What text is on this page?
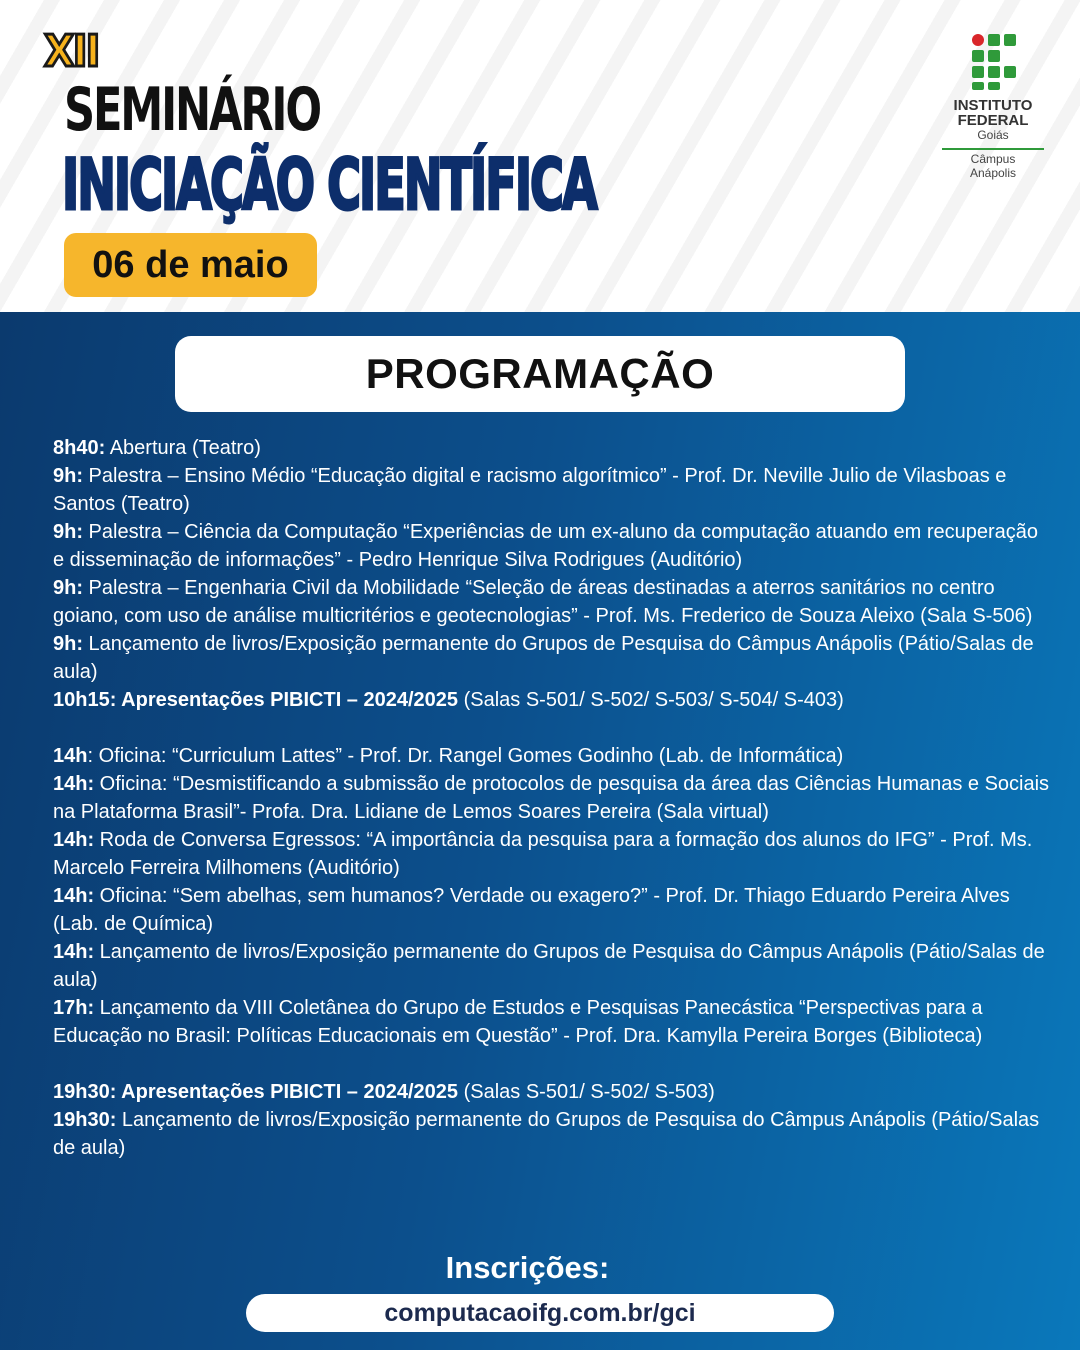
XII
SEMINÁRIO
INICIAÇÃO CIENTÍFICA
06 de maio
INSTITUTO
FEDERAL
Goiás
Câmpus
Anápolis
PROGRAMAÇÃO

8h40: Abertura (Teatro)

9h: Palestra – Ensino Médio “Educação digital e racismo algorítmico” - Prof. Dr. Neville Julio de Vilasboas e Santos (Teatro)

9h: Palestra – Ciência da Computação “Experiências de um ex-aluno da computação atuando em recuperação e disseminação de informações” - Pedro Henrique Silva Rodrigues (Auditório)

9h: Palestra – Engenharia Civil da Mobilidade “Seleção de áreas destinadas a aterros sanitários no centro goiano, com uso de análise multicritérios e geotecnologias” - Prof. Ms. Frederico de Souza Aleixo (Sala S-506)

9h: Lançamento de livros/Exposição permanente do Grupos de Pesquisa do Câmpus Anápolis (Pátio/Salas de aula)

10h15: Apresentações PIBICTI – 2024/2025 (Salas S-501/ S-502/ S-503/ S-504/ S-403)

14h: Oficina: “Curriculum Lattes” - Prof. Dr. Rangel Gomes Godinho (Lab. de Informática)

14h: Oficina: “Desmistificando a submissão de protocolos de pesquisa da área das Ciências Humanas e Sociais na Plataforma Brasil”- Profa. Dra. Lidiane de Lemos Soares Pereira (Sala virtual)

14h: Roda de Conversa Egressos: “A importância da pesquisa para a formação dos alunos do IFG” - Prof. Ms. Marcelo Ferreira Milhomens (Auditório)

14h: Oficina: “Sem abelhas, sem humanos? Verdade ou exagero?” - Prof. Dr. Thiago Eduardo Pereira Alves (Lab. de Química)

14h: Lançamento de livros/Exposição permanente do Grupos de Pesquisa do Câmpus Anápolis (Pátio/Salas de aula)

17h: Lançamento da VIII Coletânea do Grupo de Estudos e Pesquisas Panecástica “Perspectivas para a Educação no Brasil: Políticas Educacionais em Questão” - Prof. Dra. Kamylla Pereira Borges (Biblioteca)

19h30: Apresentações PIBICTI – 2024/2025 (Salas S-501/ S-502/ S-503)

19h30: Lançamento de livros/Exposição permanente do Grupos de Pesquisa do Câmpus Anápolis (Pátio/Salas de aula)

Inscrições:
computacaoifg.com.br/gci
